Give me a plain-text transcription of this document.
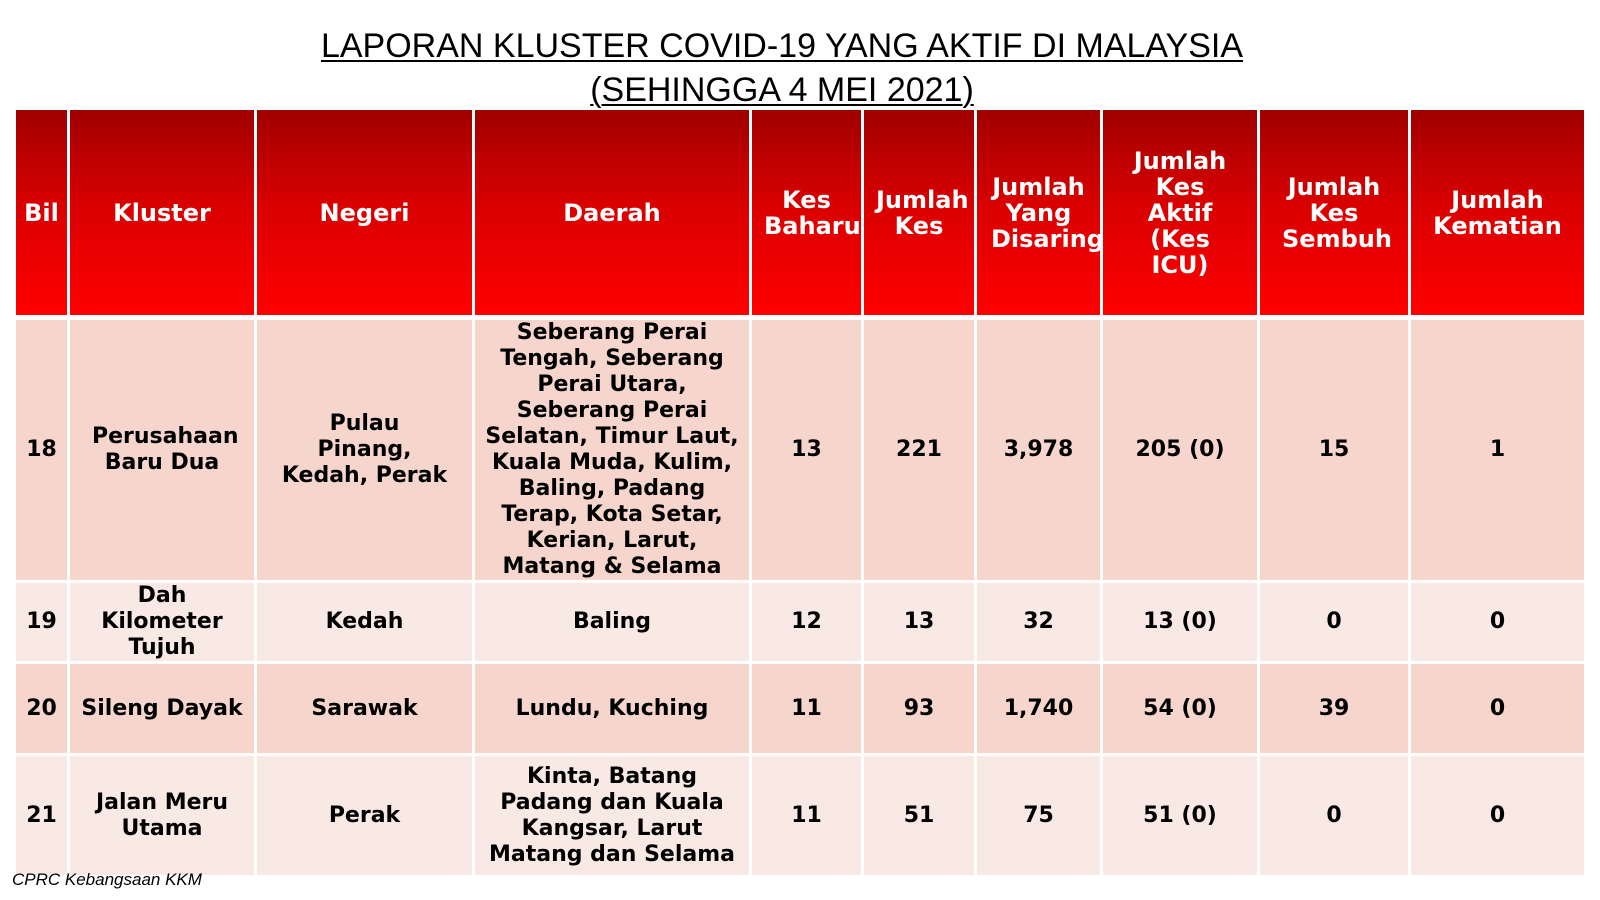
LAPORAN KLUSTER COVID-19 YANG AKTIF DI MALAYSIA
(SEHINGGA 4 MEI 2021)
Bil	Kluster	Negeri	Daerah	Kes Baharu	Jumlah Kes	Jumlah Yang Disaring	Jumlah Kes Aktif (Kes ICU)	Jumlah Kes Sembuh	Jumlah Kematian
18	Perusahaan Baru Dua	Pulau Pinang, Kedah, Perak	Seberang Perai Tengah, Seberang Perai Utara, Seberang Perai Selatan, Timur Laut, Kuala Muda, Kulim, Baling, Padang Terap, Kota Setar, Kerian, Larut, Matang & Selama	13	221	3,978	205 (0)	15	1
19	Dah Kilometer Tujuh	Kedah	Baling	12	13	32	13 (0)	0	0
20	Sileng Dayak	Sarawak	Lundu, Kuching	11	93	1,740	54 (0)	39	0
21	Jalan Meru Utama	Perak	Kinta, Batang Padang dan Kuala Kangsar, Larut Matang dan Selama	11	51	75	51 (0)	0	0
CPRC Kebangsaan KKM
